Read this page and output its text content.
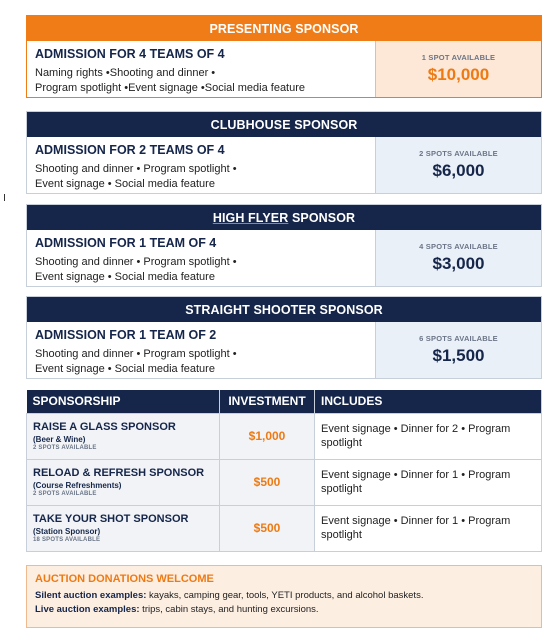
PRESENTING SPONSOR
ADMISSION FOR 4 TEAMS OF 4
Naming rights •Shooting and dinner •
Program spotlight •Event signage •Social media feature
1 SPOT AVAILABLE
$10,000
CLUBHOUSE SPONSOR
ADMISSION FOR 2 TEAMS OF 4
Shooting and dinner • Program spotlight •
Event signage • Social media feature
2 SPOTS AVAILABLE
$6,000
HIGH FLYER SPONSOR
ADMISSION FOR 1 TEAM OF 4
Shooting and dinner • Program spotlight •
Event signage • Social media feature
4 SPOTS AVAILABLE
$3,000
STRAIGHT SHOOTER SPONSOR
ADMISSION FOR 1 TEAM OF 2
Shooting and dinner • Program spotlight •
Event signage • Social media feature
6 SPOTS AVAILABLE
$1,500
SPONSORSHIP	INVESTMENT	INCLUDES

RAISE A GLASS SPONSOR
(Beer & Wine)
2 SPOTS AVAILABLE	$1,000	Event signage • Dinner for 2 • Program spotlight

RELOAD & REFRESH SPONSOR
(Course Refreshments)
2 SPOTS AVAILABLE	$500	Event signage • Dinner for 1 • Program spotlight

TAKE YOUR SHOT SPONSOR
(Station Sponsor)
18 SPOTS AVAILABLE	$500	Event signage • Dinner for 1 • Program spotlight
AUCTION DONATIONS WELCOME
Silent auction examples: kayaks, camping gear, tools, YETI products, and alcohol baskets.
Live auction examples: trips, cabin stays, and hunting excursions.
